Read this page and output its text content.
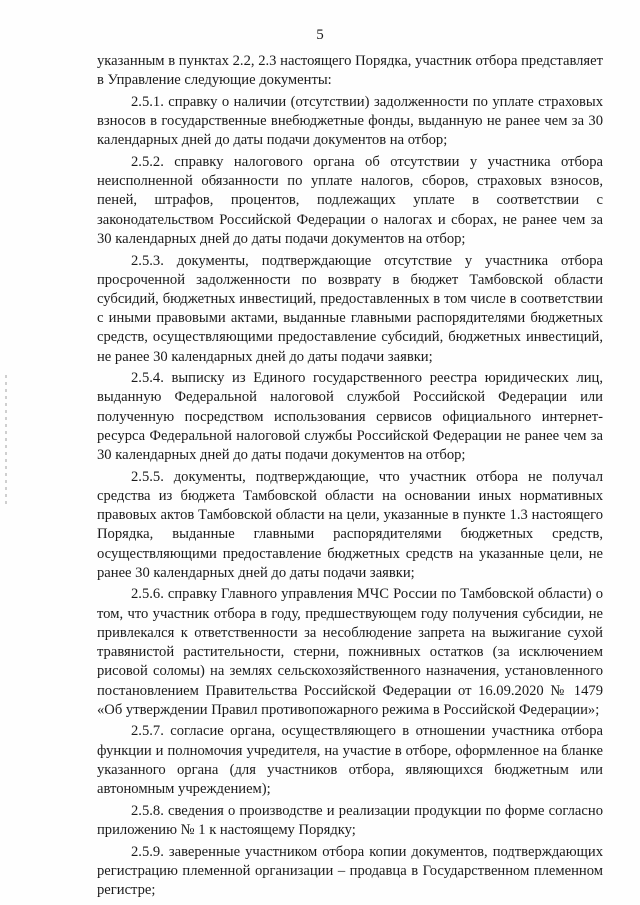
5

указанным в пунктах 2.2, 2.3 настоящего Порядка, участник отбора представляет в Управление следующие документы:

2.5.1. справку о наличии (отсутствии) задолженности по уплате страховых взносов в государственные внебюджетные фонды, выданную не ранее чем за 30 календарных дней до даты подачи документов на отбор;

2.5.2. справку налогового органа об отсутствии у участника отбора неисполненной обязанности по уплате налогов, сборов, страховых взносов, пеней, штрафов, процентов, подлежащих уплате в соответствии с законодательством Российской Федерации о налогах и сборах, не ранее чем за 30 календарных дней до даты подачи документов на отбор;

2.5.3. документы, подтверждающие отсутствие у участника отбора просроченной задолженности по возврату в бюджет Тамбовской области субсидий, бюджетных инвестиций, предоставленных в том числе в соответствии с иными правовыми актами, выданные главными распорядителями бюджетных средств, осуществляющими предоставление субсидий, бюджетных инвестиций, не ранее 30 календарных дней до даты подачи заявки;

2.5.4. выписку из Единого государственного реестра юридических лиц, выданную Федеральной налоговой службой Российской Федерации или полученную посредством использования сервисов официального интернет-ресурса Федеральной налоговой службы Российской Федерации не ранее чем за 30 календарных дней до даты подачи документов на отбор;

2.5.5. документы, подтверждающие, что участник отбора не получал средства из бюджета Тамбовской области на основании иных нормативных правовых актов Тамбовской области на цели, указанные в пункте 1.3 настоящего Порядка, выданные главными распорядителями бюджетных средств, осуществляющими предоставление бюджетных средств на указанные цели, не ранее 30 календарных дней до даты подачи заявки;

2.5.6. справку Главного управления МЧС России по Тамбовской области) о том, что участник отбора в году, предшествующем году получения субсидии, не привлекался к ответственности за несоблюдение запрета на выжигание сухой травянистой растительности, стерни, пожнивных остатков (за исключением рисовой соломы) на землях сельскохозяйственного назначения, установленного постановлением Правительства Российской Федерации от 16.09.2020 № 1479 «Об утверждении Правил противопожарного режима в Российской Федерации»;

2.5.7. согласие органа, осуществляющего в отношении участника отбора функции и полномочия учредителя, на участие в отборе, оформленное на бланке указанного органа (для участников отбора, являющихся бюджетным или автономным учреждением);

2.5.8. сведения о производстве и реализации продукции по форме согласно приложению № 1 к настоящему Порядку;

2.5.9. заверенные участником отбора копии документов, подтверждающих регистрацию племенной организации – продавца в Государственном племенном регистре;
